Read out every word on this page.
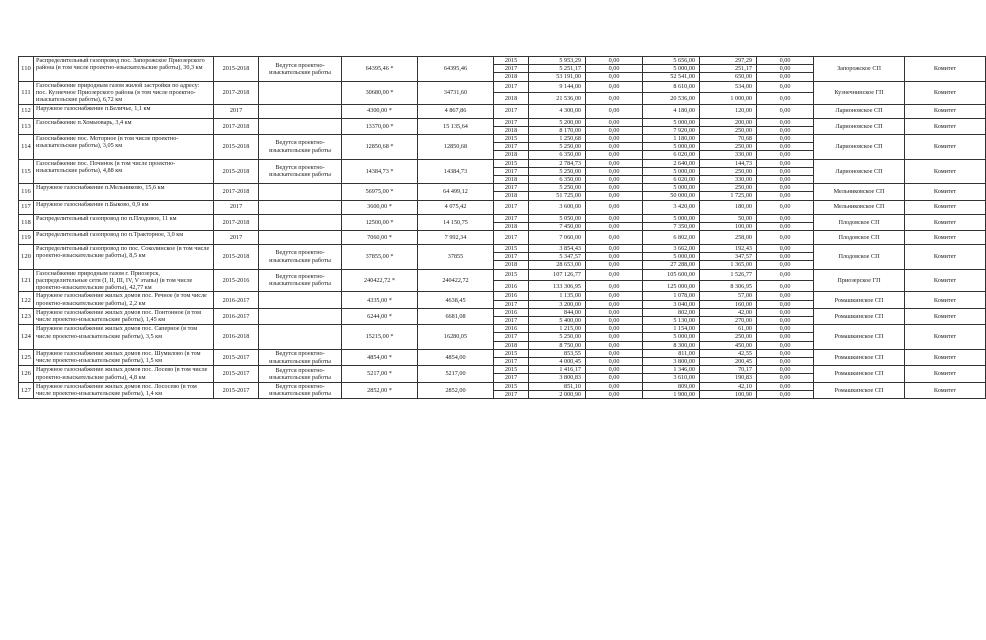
110	Распределительный газопровод пос. Запорожское Приозерского района (в том числе проектно-изыскательские работы), 30,3 км	2015-2018	Ведутся проектно-изыскательские работы	64395,46 *	64395,46	2015	5 953,29	0,00	5 656,00	297,29	0,00	Запорожское СП	Комитет
						2017	5 251,17	0,00	5 000,00	251,17	0,00		
						2018	53 191,00	0,00	52 541,00	650,00	0,00		
111	Газоснабжение природным газом жилой застройки по адресу: пос. Кузнечное Приозерского района (в том числе проектно-изыскательские работы), 6,72 км	2017-2018		30680,00 *	34731,60	2017	9 144,00	0,00	8 610,00	534,00	0,00	Кузнечнинское ГП	Комитет
						2018	21 536,00	0,00	20 536,00	1 000,00	0,00		
112	Наружное газоснабжение п.Беличье, 1,1 км	2017		4300,00 *	4 867,86	2017	4 300,00	0,00	4 180,00	120,00	0,00	Ларионовское СП	Комитет
113	Газоснабжение п.Хомьюварь, 3,4 км	2017-2018		13370,00 *	15 135,64	2017	5 200,00	0,00	5 000,00	200,00	0,00	Ларионовское СП	Комитет
						2018	8 170,00	0,00	7 920,00	250,00	0,00		
114	Газоснабжение пос. Моторное (в том числе проектно-изыскательские работы), 3,05 км	2015-2018	Ведутся проектно-изыскательские работы	12850,68 *	12850,68	2015	1 250,68	0,00	1 180,00	70,68	0,00	Ларионовское СП	Комитет
						2017	5 250,00	0,00	5 000,00	250,00	0,00		
						2018	6 350,00	0,00	6 020,00	330,00	0,00		
115	Газоснабжение пос. Починок (в том числе проектно-изыскательские работы), 4,88 км	2015-2018	Ведутся проектно-изыскательские работы	14384,73 *	14384,73	2015	2 784,73	0,00	2 640,00	144,73	0,00	Ларионовское СП	Комитет
						2017	5 250,00	0,00	5 000,00	250,00	0,00		
						2018	6 350,00	0,00	6 020,00	330,00	0,00		
116	Наружное газоснабжение п.Мельниково, 15,6 км	2017-2018		56975,00 *	64 499,12	2017	5 250,00	0,00	5 000,00	250,00	0,00	Мельниковское СП	Комитет
						2018	51 725,00	0,00	50 000,00	1 725,00	0,00		
117	Наружное газоснабжение п.Быково, 0,9 км	2017		3600,00 *	4 075,42	2017	3 600,00	0,00	3 420,00	180,00	0,00	Мельниковское СП	Комитет
118	Распределительный газопровод по п.Плодовое, 11 км	2017-2018		12500,00 *	14 150,75	2017	5 050,00	0,00	5 000,00	50,00	0,00	Плодовское СП	Комитет
						2018	7 450,00	0,00	7 350,00	100,00	0,00		
119	Распределительный газопровод по п.Тракторное, 3,0 км	2017		7060,00 *	7 992,34	2017	7 060,00	0,00	6 802,00	258,00	0,00	Плодовское СП	Комитет
120	Распределительный газопровод по пос. Соколинское (в том числе проектно-изыскательские работы), 8,5 км	2015-2018	Ведутся проектно-изыскательские работы	37855,00 *	37855	2015	3 854,43	0,00	3 662,00	192,43	0,00	Плодовское СП	Комитет
						2017	5 347,57	0,00	5 000,00	347,57	0,00		
						2018	28 653,00	0,00	27 288,00	1 365,00	0,00		
121	Газоснабжение природным газом г. Приозерск, распределительные сети (I, II, III, IV, V этапы) (в том числе проектно-изыскательские работы), 42,77 км	2015-2016	Ведутся проектно-изыскательские работы	240422,72 *	240422,72	2015	107 126,77	0,00	105 600,00	1 526,77	0,00	Приозерское ГП	Комитет
						2016	133 306,95	0,00	125 000,00	8 306,95	0,00		
122	Наружное газоснабжение жилых домов пос. Речное (в том числе проектно-изыскательские работы), 2,2 км	2016-2017		4335,00 *	4638,45	2016	1 135,00	0,00	1 078,00	57,00	0,00	Ромашкинское СП	Комитет
						2017	3 200,00	0,00	3 040,00	160,00	0,00		
123	Наружное газоснабжение жилых домов пос. Понтонное (в том числе проектно-изыскательские работы), 1,45 км	2016-2017		6244,00 *	6681,08	2016	844,00	0,00	802,00	42,00	0,00	Ромашкинское СП	Комитет
						2017	5 400,00	0,00	5 130,00	270,00	0,00		
124	Наружное газоснабжение жилых домов пос. Саперное (в том числе проектно-изыскательские работы), 3,5 км	2016-2018		15215,00 *	16280,05	2016	1 215,00	0,00	1 154,00	61,00	0,00	Ромашкинское СП	Комитет
						2017	5 250,00	0,00	5 000,00	250,00	0,00		
						2018	8 750,00	0,00	8 300,00	450,00	0,00		
125	Наружное газоснабжение жилых домов пос. Шумилово (в том числе проектно-изыскательские работы), 1,5 км	2015-2017	Ведутся проектно-изыскательские работы	4854,00 *	4854,00	2015	853,55	0,00	811,00	42,55	0,00	Ромашкинское СП	Комитет
						2017	4 000,45	0,00	3 800,00	200,45	0,00		
126	Наружное газоснабжение жилых домов пос. Лосево (в том числе проектно-изыскательские работы), 4,8 км	2015-2017	Ведутся проектно-изыскательские работы	5217,00 *	5217,00	2015	1 416,17	0,00	1 346,00	70,17	0,00	Ромашкинское СП	Комитет
						2017	3 800,83	0,00	3 610,00	190,83	0,00		
127	Наружное газоснабжение жилых домов пос. Лососево (в том числе проектно-изыскательские работы), 1,4 км	2015-2017	Ведутся проектно-изыскательские работы	2852,00 *	2852,00	2015	851,10	0,00	809,00	42,10	0,00	Ромашкинское СП	Комитет
						2017	2 000,90	0,00	1 900,00	100,90	0,00		
